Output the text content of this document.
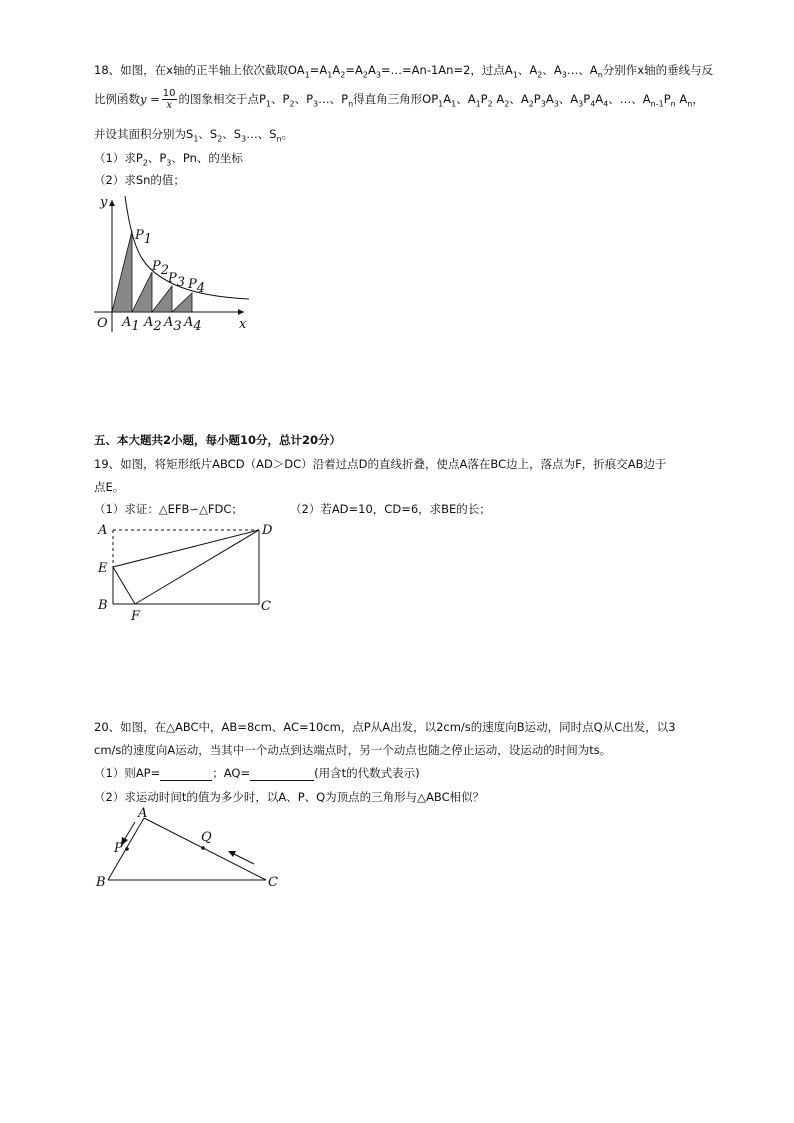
18、如图，在x轴的正半轴上依次截取$OA_1=A_1A_2=A_2A_3=\dots=An-1An=2$，过点$A_1$、$A_2$、$A_3\dots$、$A_n$分别作x轴的垂线与反
比例函数$y = \frac{10}{x}$ 的图象相交于点$P_1$、$P_2$、$P_3\dots$、$P_n$得直角三角形$OP_1A_1$、$A_1P_2$ $A_2$、$A_2P_3A_3$、$A_3P_4A_4$、…、$A_{n-1}P_n$ $A_n$，
并设其面积分别为$S_1$、$S_2$、$S_3\dots$、$S_n$。
（1）求$P_2$、$P_3$、Pn、的坐标
（2）求Sn的值；
P1
P2
P3 P4
O A1 A2 A3 A4	x
y
五、本大题共2小题，每小题10分，总计20分）
19、如图，将矩形纸片ABCD（AD＞DC）沿着过点D的直线折叠，使点A落在BC边上，落点为F，折痕交AB边于
点E。
（1）求证：△EFB∽△FDC；	（2）若AD=10，CD=6，求BE的长；
A	D
E
B
F
C
20、如图，在△ABC中，AB=8cm、AC=10cm，点P从A出发，以2cm/s的速度向B运动，同时点Q从C出发，以3
cm/s的速度向A运动，当其中一个动点到达端点时，另一个动点也随之停止运动，设运动的时间为ts。
（1）则AP=	；AQ=	(用含t的代数式表示)
（2）求运动时间t的值为多少时，以A、P、Q为顶点的三角形与△ABC相似？
A
P
Q
B	C
